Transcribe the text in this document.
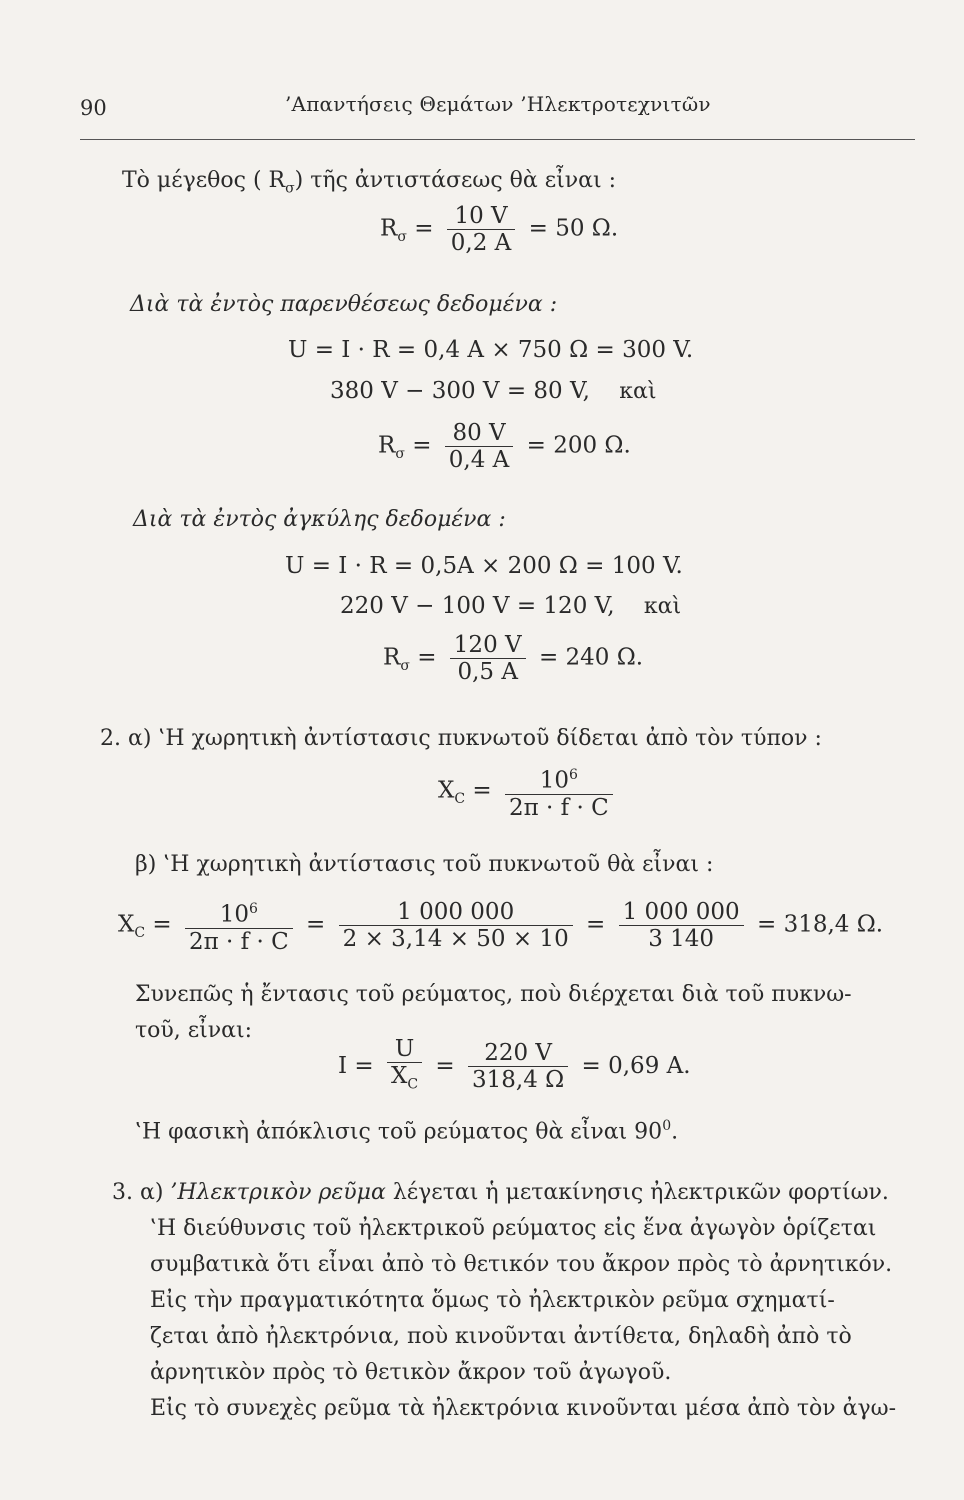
90	’Απαντήσεις Θεμάτων ’Ηλεκτροτεχνιτῶν
Τὸ μέγεθος ( $R_\sigma$) τῆς ἀντιστάσεως θὰ εἶναι :
$R_\sigma = \frac{10 V}{0,2 A} = 50$ Ω.
Διὰ τὰ ἐντὸς παρενθέσεως δεδομένα :
U = I · R = 0,4 A × 750 Ω = 300 V.
380 V − 300 V = 80 V, καὶ
$R_\sigma = \frac{80 V}{0,4 A} = 200$ Ω.
Διὰ τὰ ἐντὸς ἀγκύλης δεδομένα :
U = I · R = 0,5A × 200 Ω = 100 V.
220 V − 100 V = 120 V, καὶ
$R_\sigma = \frac{120 V}{0,5 A} = 240$ Ω.
2. α) ‛Η χωρητικὴ ἀντίστασις πυκνωτοῦ δίδεται ἀπὸ τὸν τύπον :
$X_C = \frac{10^6}{2\pi \cdot f \cdot C}$
β) ‛Η χωρητικὴ ἀντίστασις τοῦ πυκνωτοῦ θὰ εἶναι :
$X_C = \frac{10^6}{2\pi \cdot f \cdot C} = \frac{1 000 000}{2 \times 3,14 \times 50 \times 10} = \frac{1 000 000}{3 140} = 318,4$ Ω.
Συνεπῶς ἡ ἔντασις τοῦ ρεύματος, ποὺ διέρχεται διὰ τοῦ πυκνω-
τοῦ, εἶναι:
$I = \frac{U}{X_C} = \frac{220 V}{318,4 \Omega} = 0,69$ A.
‛Η φασικὴ ἀπόκλισις τοῦ ρεύματος θὰ εἶναι $90^0$.
3. α) ’Ηλεκτρικὸν ρεῦμα λέγεται ἡ μετακίνησις ἠλεκτρικῶν φορτίων.
‛Η διεύθυνσις τοῦ ἠλεκτρικοῦ ρεύματος εἰς ἕνα ἀγωγὸν ὁρίζεται
συμβατικὰ ὅτι εἶναι ἀπὸ τὸ θετικόν του ἄκρον πρὸς τὸ ἀρνητικόν.
Εἰς τὴν πραγματικότητα ὅμως τὸ ἠλεκτρικὸν ρεῦμα σχηματί-
ζεται ἀπὸ ἠλεκτρόνια, ποὺ κινοῦνται ἀντίθετα, δηλαδὴ ἀπὸ τὸ
ἀρνητικὸν πρὸς τὸ θετικὸν ἄκρον τοῦ ἀγωγοῦ.
Εἰς τὸ συνεχὲς ρεῦμα τὰ ἠλεκτρόνια κινοῦνται μέσα ἀπὸ τὸν ἀγω-
